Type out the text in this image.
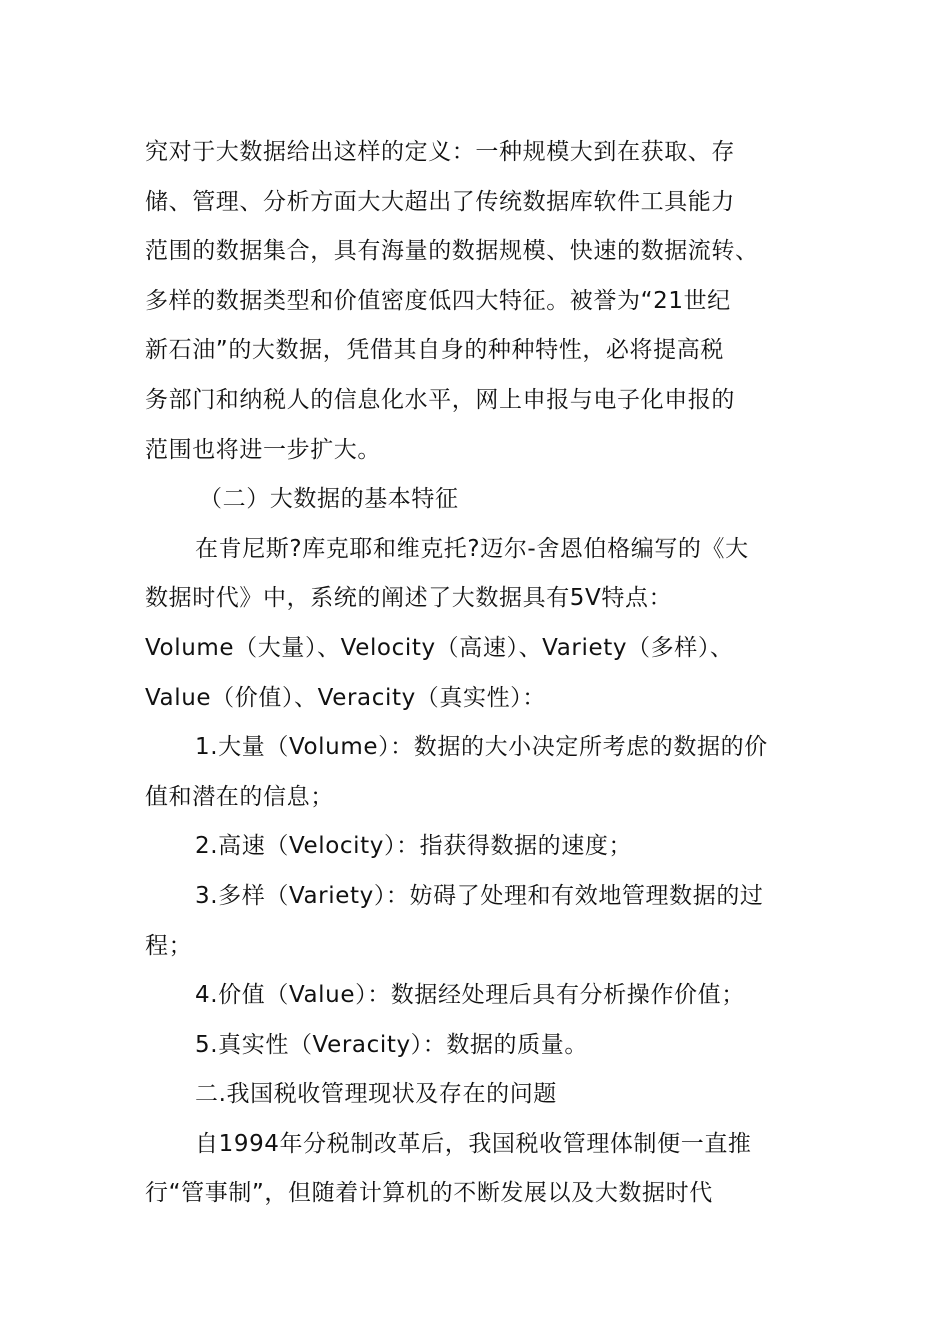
究对于大数据给出这样的定义：一种规模大到在获取、存
储、管理、分析方面大大超出了传统数据库软件工具能力
范围的数据集合，具有海量的数据规模、快速的数据流转、
多样的数据类型和价值密度低四大特征。被誉为“21世纪
新石油”的大数据，凭借其自身的种种特性，必将提高税
务部门和纳税人的信息化水平，网上申报与电子化申报的
范围也将进一步扩大。
（二）大数据的基本特征
在肯尼斯?库克耶和维克托?迈尔-舍恩伯格编写的《大
数据时代》中，系统的阐述了大数据具有5V特点：
Volume（大量）、Velocity（高速）、Variety（多样）、
Value（价值）、Veracity（真实性）：
1.大量（Volume）：数据的大小决定所考虑的数据的价
值和潜在的信息；
2.高速（Velocity）：指获得数据的速度；
3.多样（Variety）：妨碍了处理和有效地管理数据的过
程；
4.价值（Value）：数据经处理后具有分析操作价值；
5.真实性（Veracity）：数据的质量。
二.我国税收管理现状及存在的问题
自1994年分税制改革后，我国税收管理体制便一直推
行“管事制”，但随着计算机的不断发展以及大数据时代
